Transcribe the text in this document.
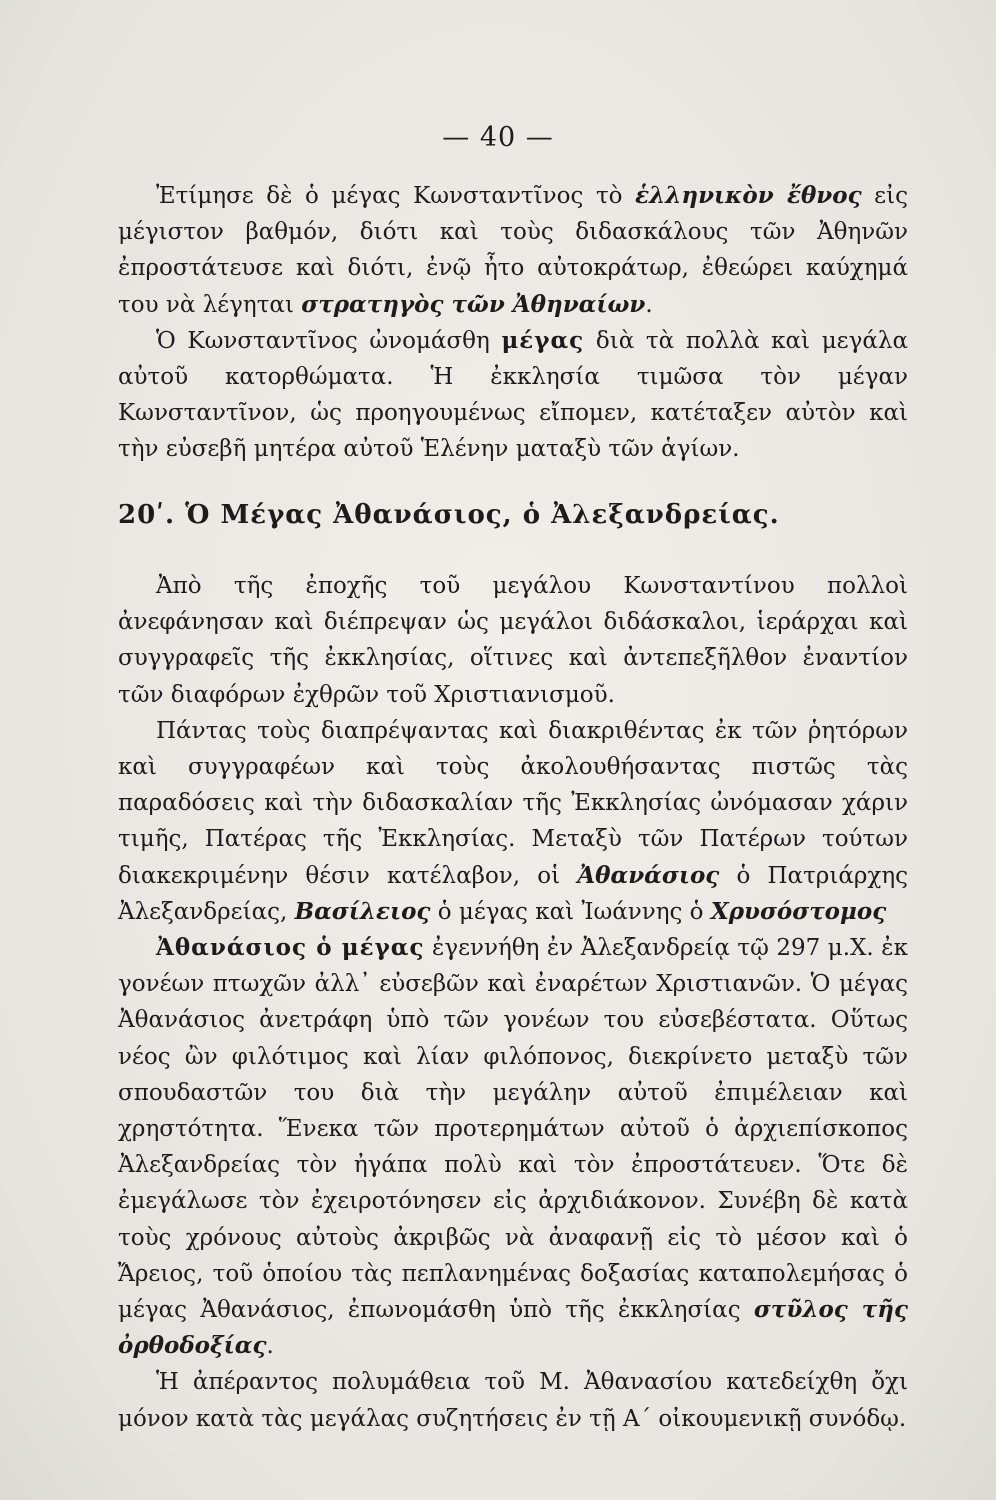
— 40 —

Ἐτίμησε δὲ ὁ μέγας Κωνσταντῖνος τὸ ἑλληνικὸν ἔθνος εἰς μέγιστον βαθμόν, διότι καὶ τοὺς διδασκάλους τῶν Ἀθηνῶν ἐπροστάτευσε καὶ διότι, ἐνῷ ἦτο αὐτοκράτωρ, ἐθεώρει καύχημά του νὰ λέγηται στρατηγὸς τῶν Ἀθηναίων.

Ὁ Κωνσταντῖνος ὠνομάσθη μέγας διὰ τὰ πολλὰ καὶ μεγάλα αὐτοῦ κατορθώματα. Ἡ ἐκκλησία τιμῶσα τὸν μέγαν Κωνσταντῖνον, ὡς προηγουμένως εἴπομεν, κατέταξεν αὐτὸν καὶ τὴν εὐσεβῆ μητέρα αὐτοῦ Ἑλένην ματαξὺ τῶν ἁγίων.

20ʹ. Ὁ Μέγας Ἀθανάσιος, ὁ Ἀλεξανδρείας.

Ἀπὸ τῆς ἐποχῆς τοῦ μεγάλου Κωνσταντίνου πολλοὶ ἀνεφάνησαν καὶ διέπρεψαν ὡς μεγάλοι διδάσκαλοι, ἱεράρχαι καὶ συγγραφεῖς τῆς ἐκκλησίας, οἵτινες καὶ ἀντεπεξῆλθον ἐναντίον τῶν διαφόρων ἐχθρῶν τοῦ Χριστιανισμοῦ.

Πάντας τοὺς διαπρέψαντας καὶ διακριθέντας ἐκ τῶν ῥητόρων καὶ συγγραφέων καὶ τοὺς ἀκολουθήσαντας πιστῶς τὰς παραδόσεις καὶ τὴν διδασκαλίαν τῆς Ἐκκλησίας ὠνόμασαν χάριν τιμῆς, Πατέρας τῆς Ἐκκλησίας. Μεταξὺ τῶν Πατέρων τούτων διακεκριμένην θέσιν κατέλαβον, οἱ Ἀθανάσιος ὁ Πατριάρχης Ἀλεξανδρείας, Βασίλειος ὁ μέγας καὶ Ἰωάννης ὁ Χρυσόστομος

Ἀθανάσιος ὁ μέγας ἐγεννήθη ἐν Ἀλεξανδρείᾳ τῷ 297 μ.Χ. ἐκ γονέων πτωχῶν ἀλλ᾽ εὐσεβῶν καὶ ἐναρέτων Χριστιανῶν. Ὁ μέγας Ἀθανάσιος ἀνετράφη ὑπὸ τῶν γονέων του εὐσεβέστατα. Οὕτως νέος ὢν φιλότιμος καὶ λίαν φιλόπονος, διεκρίνετο μεταξὺ τῶν σπουδαστῶν του διὰ τὴν μεγάλην αὐτοῦ ἐπιμέλειαν καὶ χρηστότητα. Ἕνεκα τῶν προτερημάτων αὐτοῦ ὁ ἀρχιεπίσκοπος Ἀλεξανδρείας τὸν ἠγάπα πολὺ καὶ τὸν ἐπροστάτευεν. Ὅτε δὲ ἐμεγάλωσε τὸν ἐχειροτόνησεν εἰς ἀρχιδιάκονον. Συνέβη δὲ κατὰ τοὺς χρόνους αὐτοὺς ἀκριβῶς νὰ ἀναφανῇ εἰς τὸ μέσον καὶ ὁ Ἄρειος, τοῦ ὁποίου τὰς πεπλανημένας δοξασίας καταπολεμήσας ὁ μέγας Ἀθανάσιος, ἐπωνομάσθη ὑπὸ τῆς ἐκκλησίας στῦλος τῆς ὀρθοδοξίας.

Ἡ ἀπέραντος πολυμάθεια τοῦ Μ. Ἀθανασίου κατεδείχθη ὄχι μόνον κατὰ τὰς μεγάλας συζητήσεις ἐν τῇ Α΄ οἰκουμενικῇ συνόδῳ.
